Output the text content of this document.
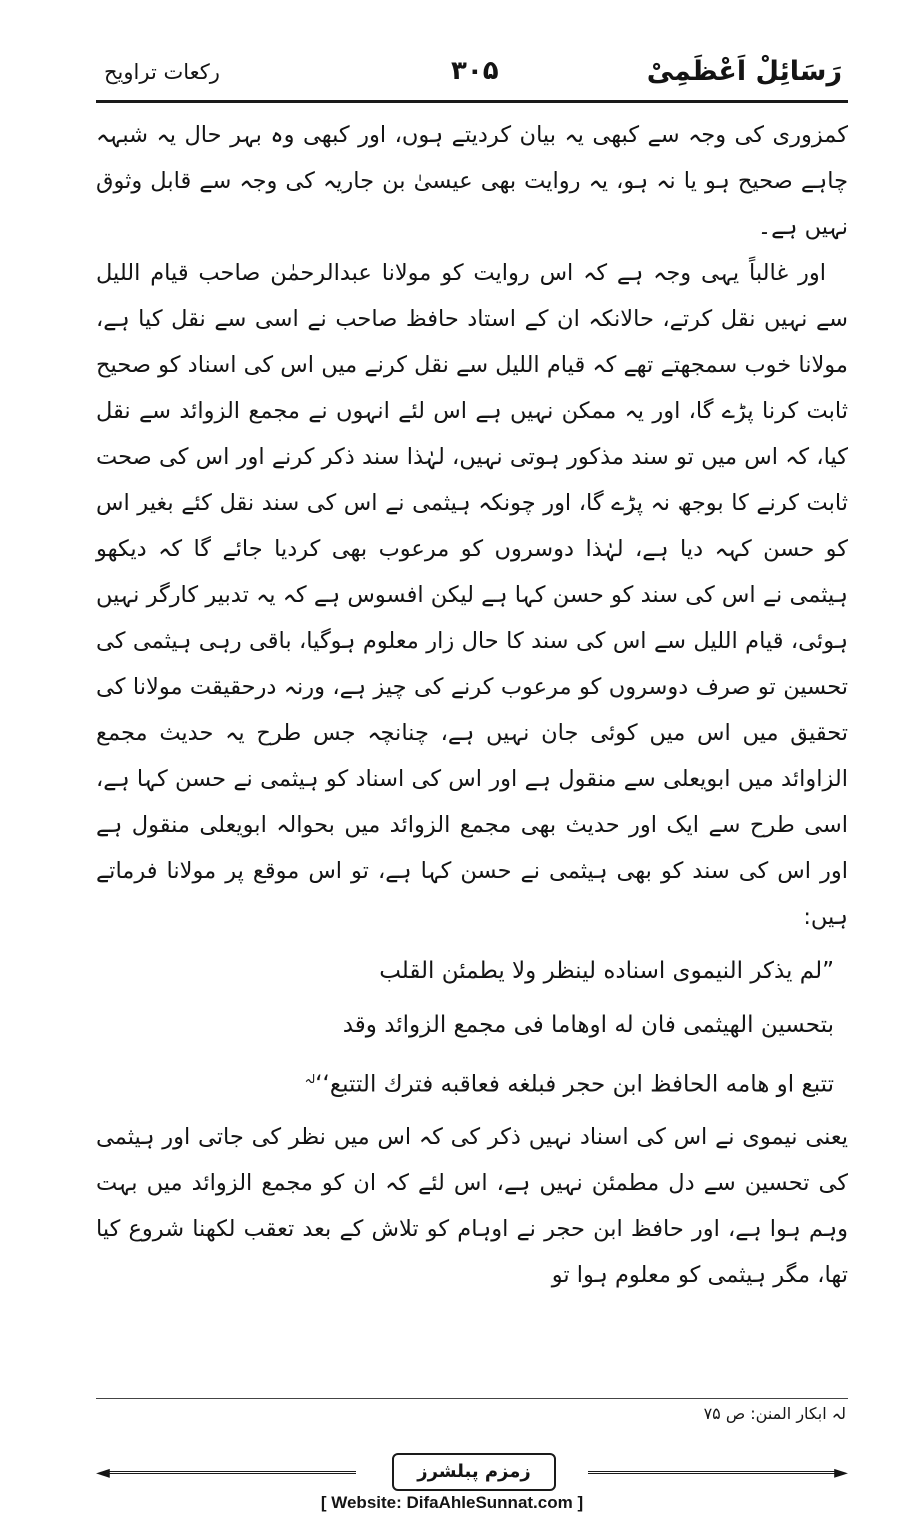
رَسَائِلْ اَعْظَمِیْ
۳۰۵
رکعات تراویح

کمزوری کی وجہ سے کبھی یہ بیان کردیتے ہوں، اور کبھی وہ بہر حال یہ شبہہ چاہے صحیح ہو یا نہ ہو، یہ روایت بھی عیسیٰ بن جاریہ کی وجہ سے قابل وثوق نہیں ہے۔

اور غالباً یہی وجہ ہے کہ اس روایت کو مولانا عبدالرحمٰن صاحب قیام اللیل سے نہیں نقل کرتے، حالانکہ ان کے استاد حافظ صاحب نے اسی سے نقل کیا ہے، مولانا خوب سمجھتے تھے کہ قیام اللیل سے نقل کرنے میں اس کی اسناد کو صحیح ثابت کرنا پڑے گا، اور یہ ممکن نہیں ہے اس لئے انہوں نے مجمع الزوائد سے نقل کیا، کہ اس میں تو سند مذکور ہوتی نہیں، لہٰذا سند ذکر کرنے اور اس کی صحت ثابت کرنے کا بوجھ نہ پڑے گا، اور چونکہ ہیثمی نے اس کی سند نقل کئے بغیر اس کو حسن کہہ دیا ہے، لہٰذا دوسروں کو مرعوب بھی کردیا جائے گا کہ دیکھو ہیثمی نے اس کی سند کو حسن کہا ہے لیکن افسوس ہے کہ یہ تدبیر کارگر نہیں ہوئی، قیام اللیل سے اس کی سند کا حال زار معلوم ہوگیا، باقی رہی ہیثمی کی تحسین تو صرف دوسروں کو مرعوب کرنے کی چیز ہے، ورنہ درحقیقت مولانا کی تحقیق میں اس میں کوئی جان نہیں ہے، چنانچہ جس طرح یہ حدیث مجمع الزاوائد میں ابویعلی سے منقول ہے اور اس کی اسناد کو ہیثمی نے حسن کہا ہے، اسی طرح سے ایک اور حدیث بھی مجمع الزوائد میں بحوالہ ابویعلی منقول ہے اور اس کی سند کو بھی ہیثمی نے حسن کہا ہے، تو اس موقع پر مولانا فرماتے ہیں:

”لم یذکر النیموی اسناده لینظر ولا یطمئن القلب

بتحسین الهیثمی فان له اوهاما فی مجمع الزوائد وقد

تتبع او هامه الحافظ ابن حجر فبلغه فعاقبه فترك التتبع‘‘$^{لہ}$

یعنی نیموی نے اس کی اسناد نہیں ذکر کی کہ اس میں نظر کی جاتی اور ہیثمی کی تحسین سے دل مطمئن نہیں ہے، اس لئے کہ ان کو مجمع الزوائد میں بہت وہم ہوا ہے، اور حافظ ابن حجر نے اوہام کو تلاش کے بعد تعقب لکھنا شروع کیا تھا، مگر ہیثمی کو معلوم ہوا تو

لہ ابکار المنن: ص ۷۵
◄	زمزم پبلشرز	►
[ Website: DifaAhleSunnat.com ]
